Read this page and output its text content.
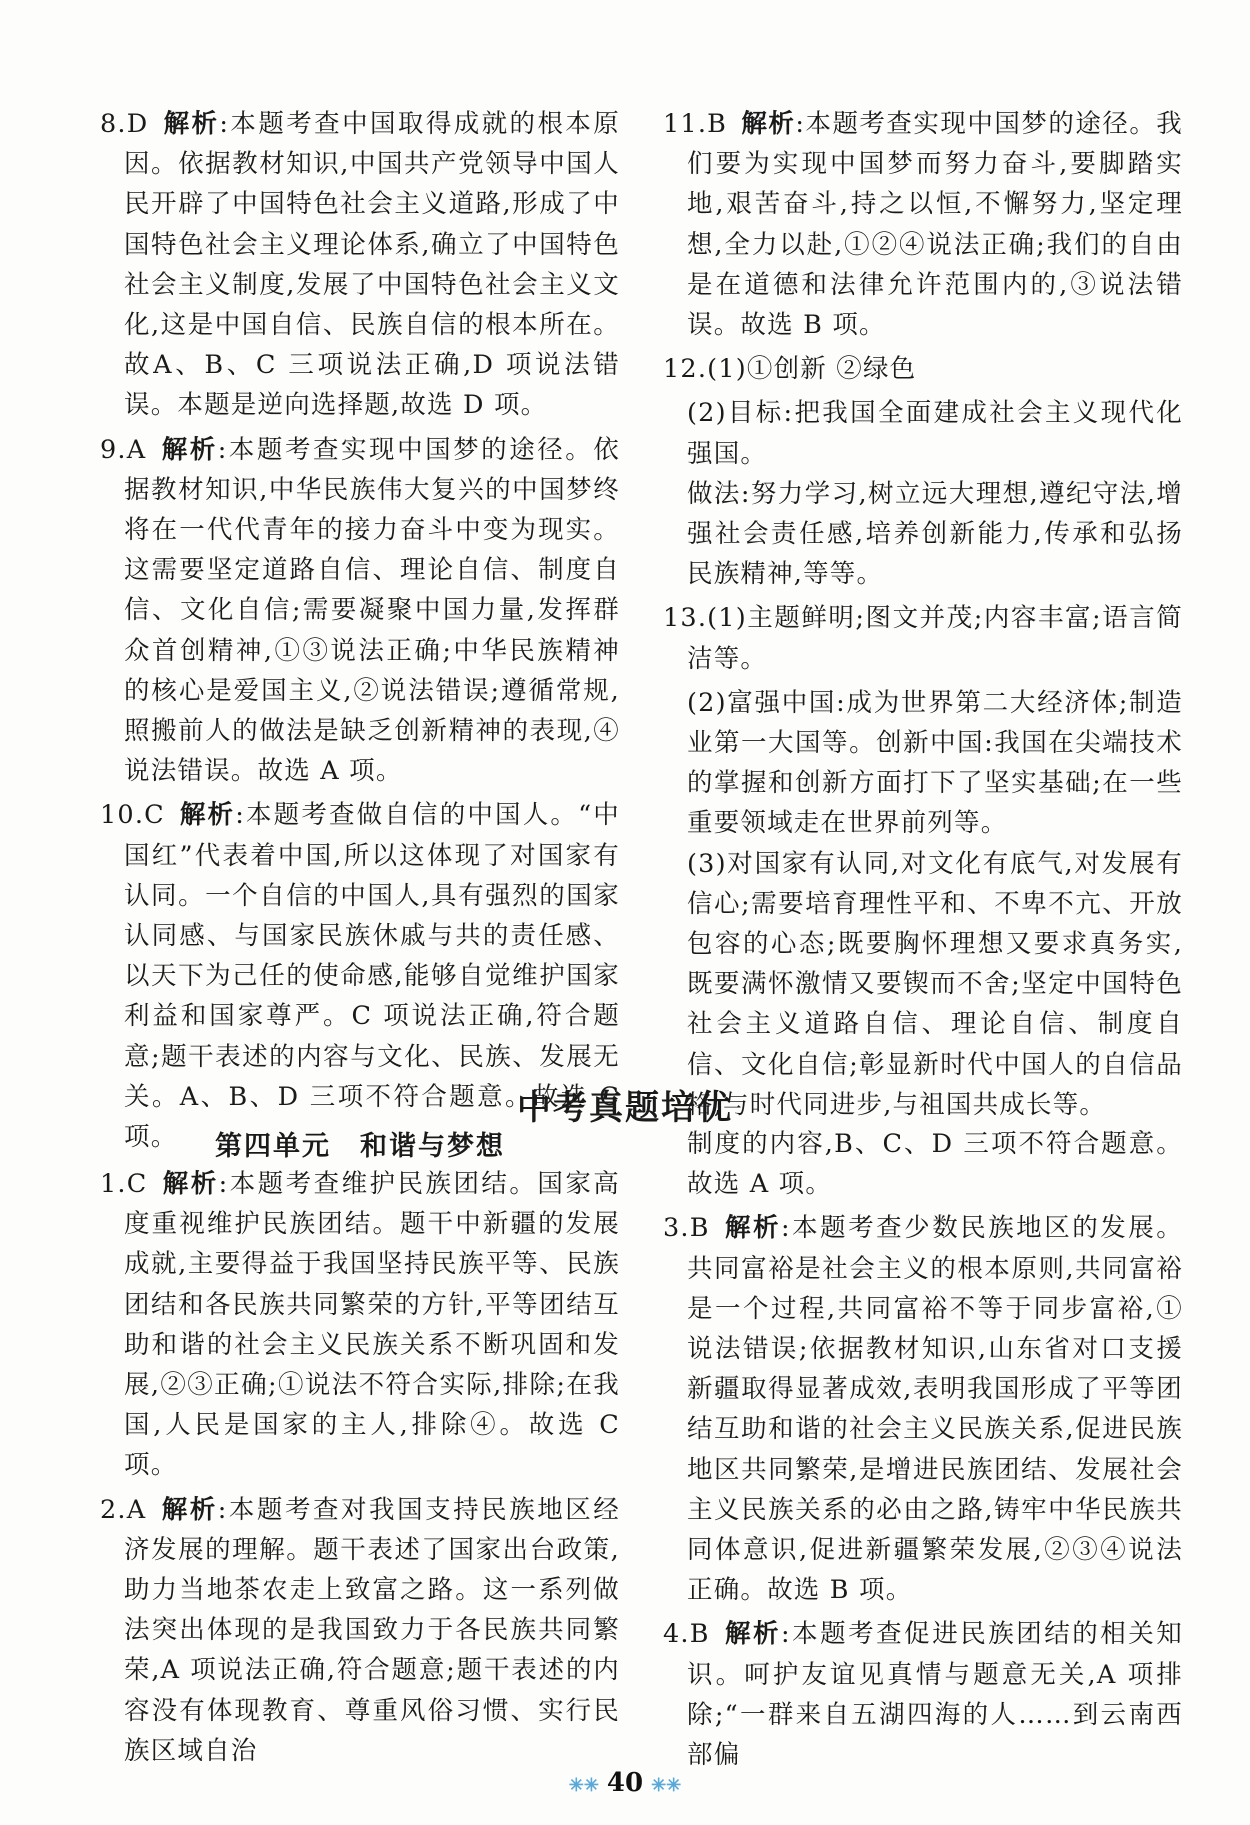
8.D 解析:本题考查中国取得成就的根本原因。依据教材知识,中国共产党领导中国人民开辟了中国特色社会主义道路,形成了中国特色社会主义理论体系,确立了中国特色社会主义制度,发展了中国特色社会主义文化,这是中国自信、民族自信的根本所在。故A、B、C 三项说法正确,D 项说法错误。本题是逆向选择题,故选 D 项。

9.A 解析:本题考查实现中国梦的途径。依据教材知识,中华民族伟大复兴的中国梦终将在一代代青年的接力奋斗中变为现实。这需要坚定道路自信、理论自信、制度自信、文化自信;需要凝聚中国力量,发挥群众首创精神,①③说法正确;中华民族精神的核心是爱国主义,②说法错误;遵循常规,照搬前人的做法是缺乏创新精神的表现,④说法错误。故选 A 项。

10.C 解析:本题考查做自信的中国人。“中国红”代表着中国,所以这体现了对国家有认同。一个自信的中国人,具有强烈的国家认同感、与国家民族休戚与共的责任感、以天下为己任的使命感,能够自觉维护国家利益和国家尊严。C 项说法正确,符合题意;题干表述的内容与文化、民族、发展无关。A、B、D 三项不符合题意。故选 C 项。

11.B 解析:本题考查实现中国梦的途径。我们要为实现中国梦而努力奋斗,要脚踏实地,艰苦奋斗,持之以恒,不懈努力,坚定理想,全力以赴,①②④说法正确;我们的自由是在道德和法律允许范围内的,③说法错误。故选 B 项。

12.(1)①创新 ②绿色

(2)目标:把我国全面建成社会主义现代化强国。

做法:努力学习,树立远大理想,遵纪守法,增强社会责任感,培养创新能力,传承和弘扬民族精神,等等。

13.(1)主题鲜明;图文并茂;内容丰富;语言简洁等。

(2)富强中国:成为世界第二大经济体;制造业第一大国等。创新中国:我国在尖端技术的掌握和创新方面打下了坚实基础;在一些重要领域走在世界前列等。

(3)对国家有认同,对文化有底气,对发展有信心;需要培育理性平和、不卑不亢、开放包容的心态;既要胸怀理想又要求真务实,既要满怀激情又要锲而不舍;坚定中国特色社会主义道路自信、理论自信、制度自信、文化自信;彰显新时代中国人的自信品格,与时代同进步,与祖国共成长等。

中考真题培优
第四单元　和谐与梦想

1.C 解析:本题考查维护民族团结。国家高度重视维护民族团结。题干中新疆的发展成就,主要得益于我国坚持民族平等、民族团结和各民族共同繁荣的方针,平等团结互助和谐的社会主义民族关系不断巩固和发展,②③正确;①说法不符合实际,排除;在我国,人民是国家的主人,排除④。故选 C 项。

2.A 解析:本题考查对我国支持民族地区经济发展的理解。题干表述了国家出台政策,助力当地茶农走上致富之路。这一系列做法突出体现的是我国致力于各民族共同繁荣,A 项说法正确,符合题意;题干表述的内容没有体现教育、尊重风俗习惯、实行民族区域自治

制度的内容,B、C、D 三项不符合题意。故选 A 项。

3.B 解析:本题考查少数民族地区的发展。共同富裕是社会主义的根本原则,共同富裕是一个过程,共同富裕不等于同步富裕,①说法错误;依据教材知识,山东省对口支援新疆取得显著成效,表明我国形成了平等团结互助和谐的社会主义民族关系,促进民族地区共同繁荣,是增进民族团结、发展社会主义民族关系的必由之路,铸牢中华民族共同体意识,促进新疆繁荣发展,②③④说法正确。故选 B 项。

4.B 解析:本题考查促进民族团结的相关知识。呵护友谊见真情与题意无关,A 项排除;“一群来自五湖四海的人……到云南西部偏

✳✳ 40 ✳✳
